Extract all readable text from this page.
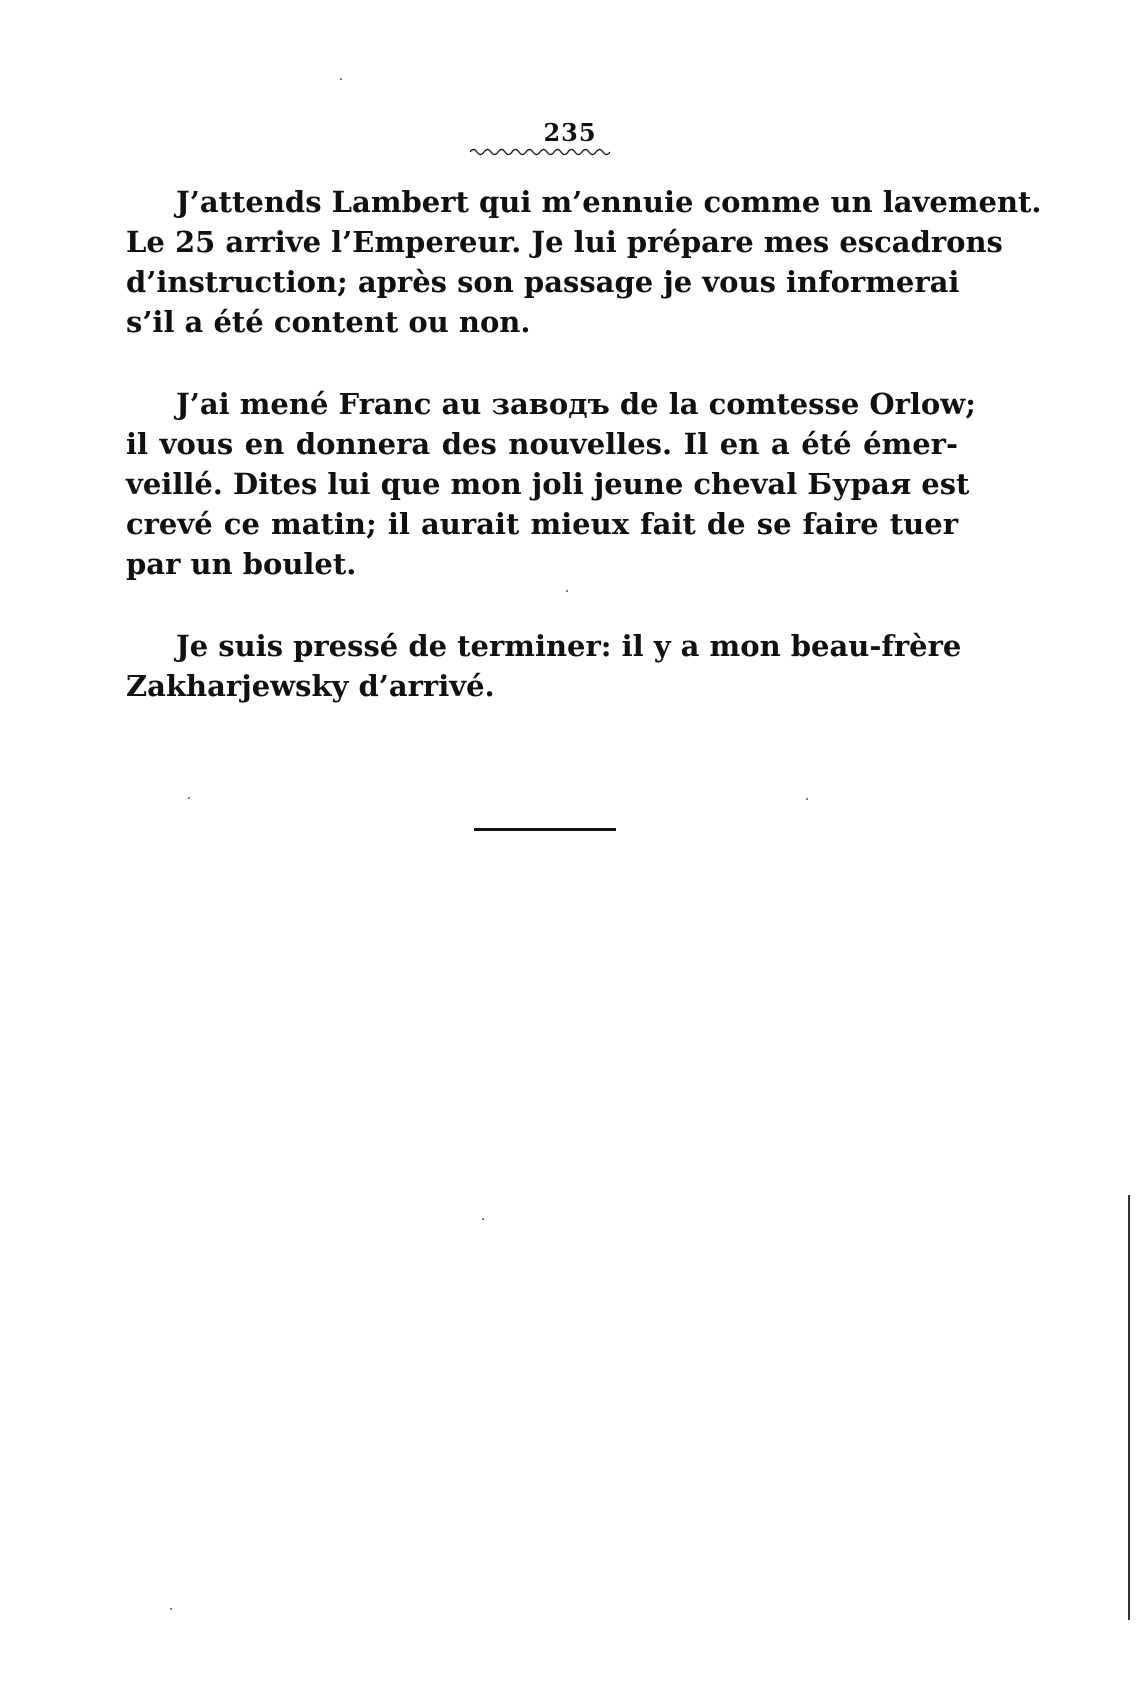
235
J’attends Lambert qui m’ennuie comme un lavement.
Le 25 arrive l’Empereur. Je lui prépare mes escadrons
d’instruction; après son passage je vous informerai
s’il a été content ou non.
J’ai mené Franc au заводъ de la comtesse Orlow;
il vous en donnera des nouvelles. Il en a été émer-
veillé. Dites lui que mon joli jeune cheval Бурая est
crevé ce matin; il aurait mieux fait de se faire tuer
par un boulet.
Je suis pressé de terminer: il y a mon beau-frère
Zakharjewsky d’arrivé.
